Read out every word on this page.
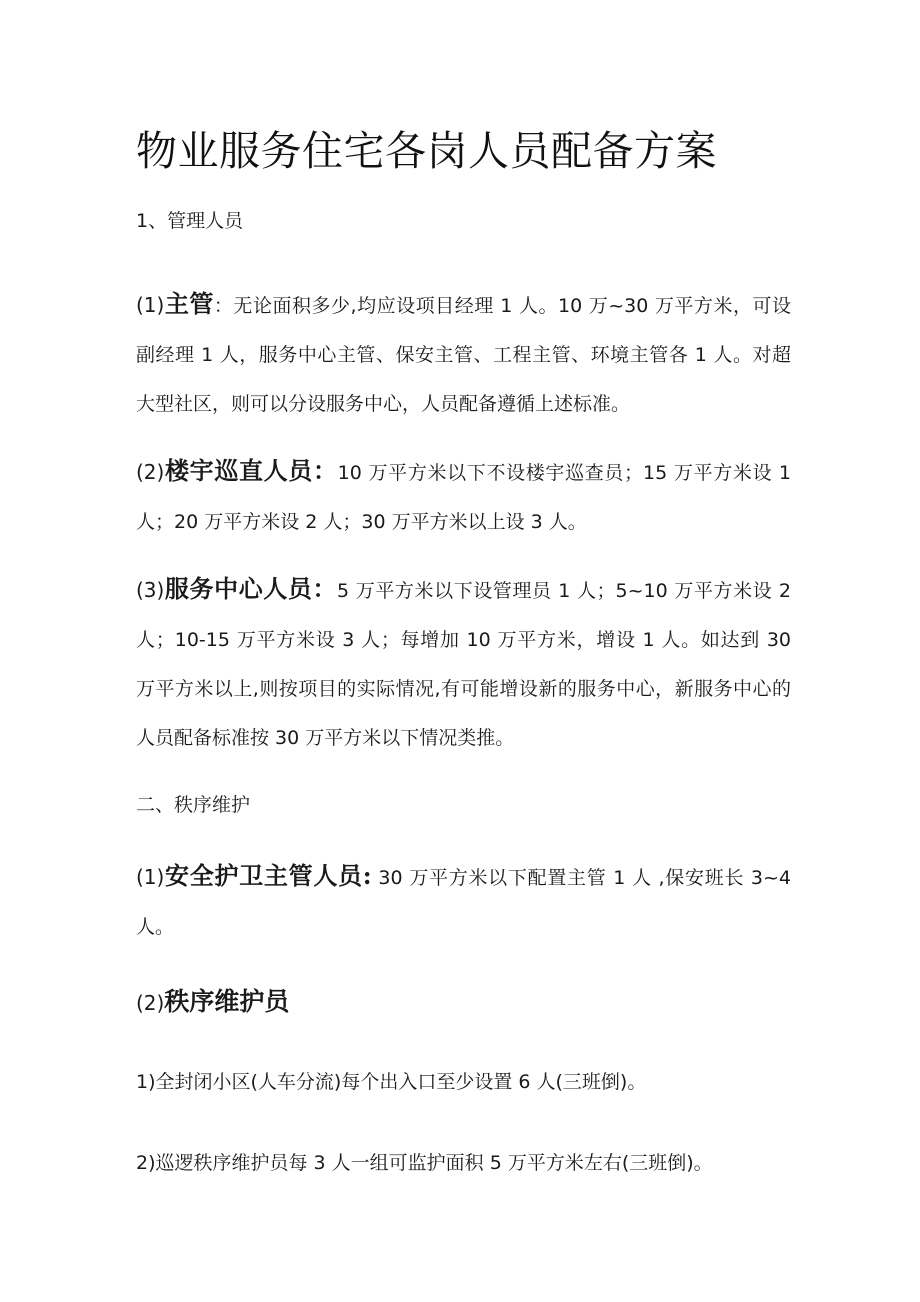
物业服务住宅各岗人员配备方案
1、管理人员

(1)主管：无论面积多少,均应设项目经理 1 人。10 万~30 万平方米，可设副经理 1 人，服务中心主管、保安主管、工程主管、环境主管各 1 人。对超大型社区，则可以分设服务中心，人员配备遵循上述标准。

(2)楼宇巡直人员：10 万平方米以下不设楼宇巡查员；15 万平方米设 1 人；20 万平方米设 2 人；30 万平方米以上设 3 人。

(3)服务中心人员：5 万平方米以下设管理员 1 人；5~10 万平方米设 2 人；10-15 万平方米设 3 人；每增加 10 万平方米，增设 1 人。如达到 30 万平方米以上,则按项目的实际情况,有可能增设新的服务中心，新服务中心的人员配备标准按 30 万平方米以下情况类推。

二、秩序维护

(1)安全护卫主管人员: 30 万平方米以下配置主管 1 人 ,保安班长 3~4 人。

(2)秩序维护员

1)全封闭小区(人车分流)每个出入口至少设置 6 人(三班倒)。

2)巡逻秩序维护员每 3 人一组可监护面积 5 万平方米左右(三班倒)。
